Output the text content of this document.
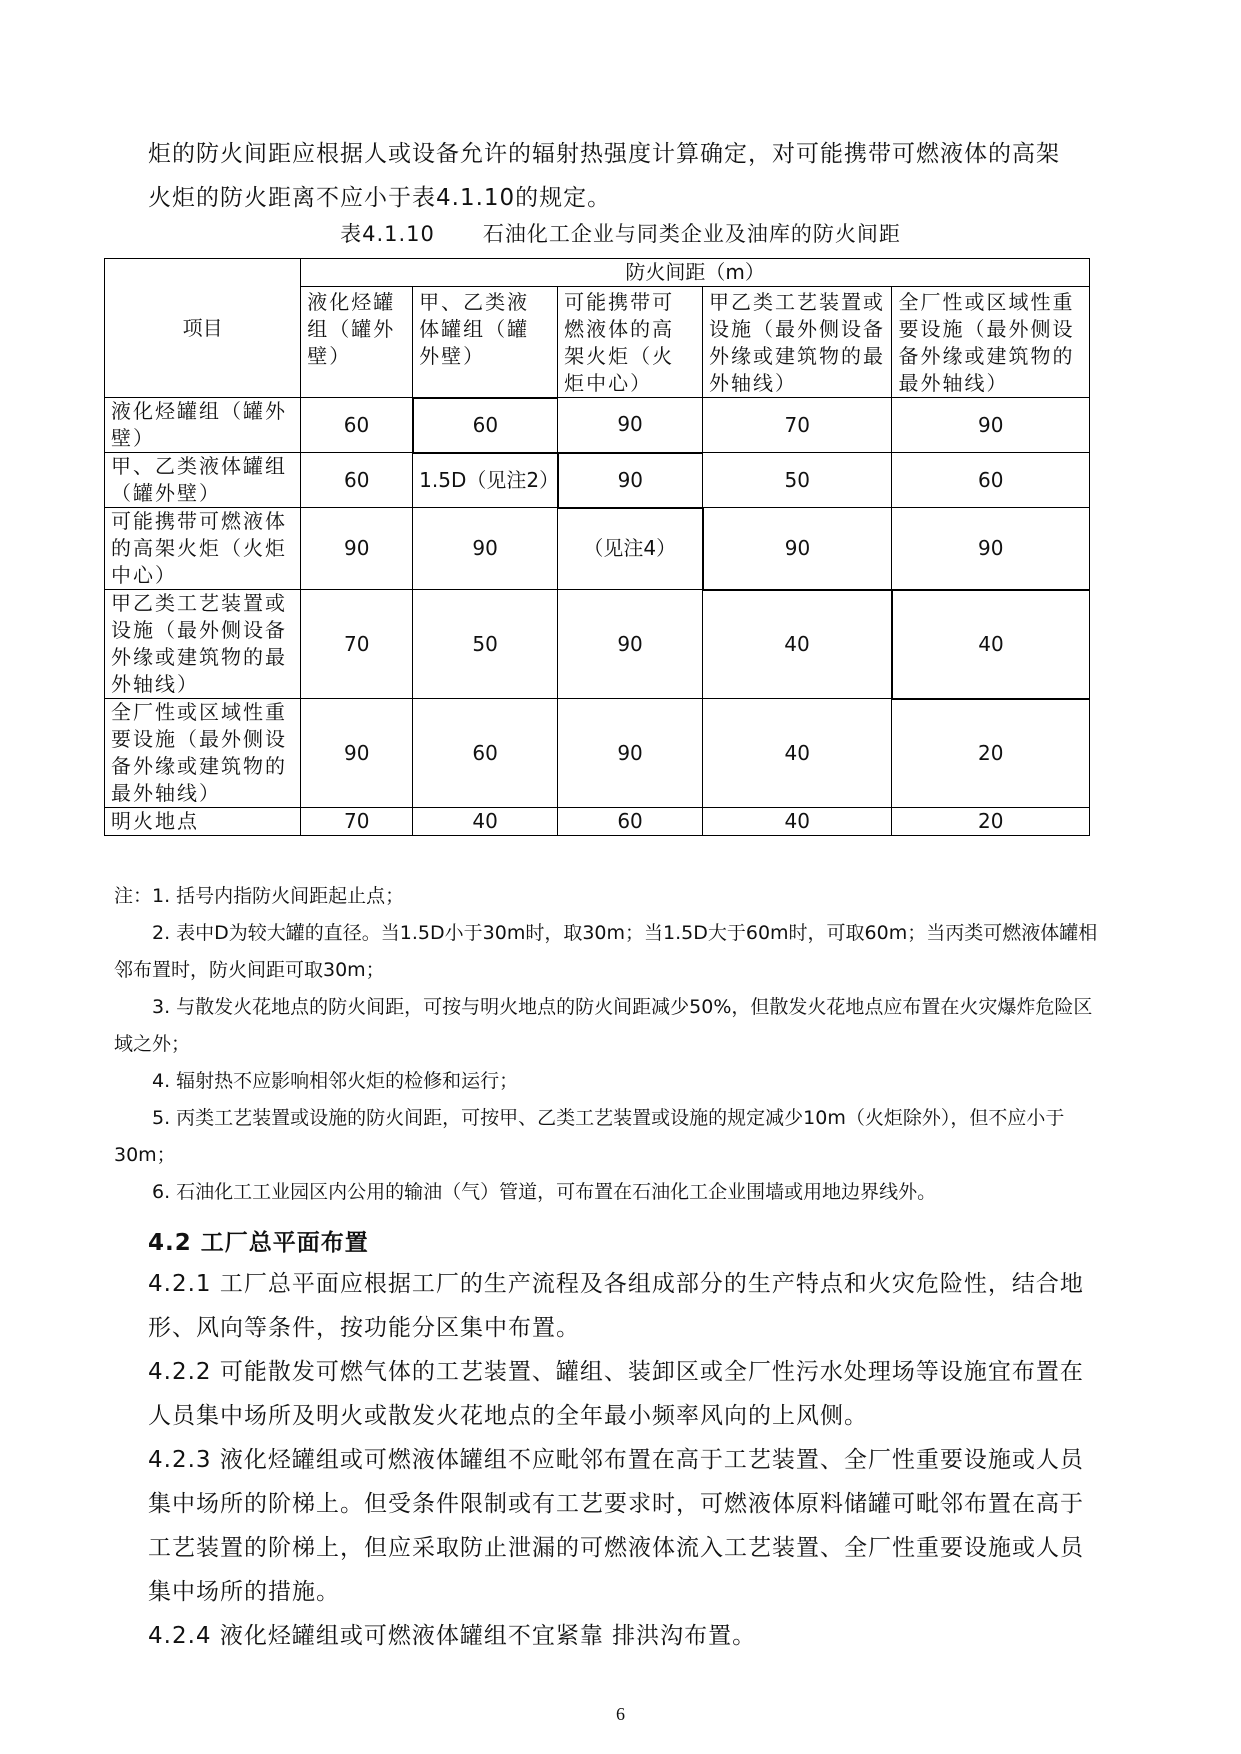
炬的防火间距应根据人或设备允许的辐射热强度计算确定，对可能携带可燃液体的高架

火炬的防火距离不应小于表4.1.10的规定。

表4.1.10 石油化工企业与同类企业及油库的防火间距
项目	防火间距（m）				
	液化烃罐组（罐外壁）	甲、乙类液体罐组（罐外壁）	可能携带可燃液体的高架火炬（火炬中心）	甲乙类工艺装置或设施（最外侧设备外缘或建筑物的最外轴线）	全厂性或区域性重要设施（最外侧设备外缘或建筑物的最外轴线）
液化烃罐组（罐外壁）	60	60	90	70	90
甲、乙类液体罐组（罐外壁）	60	1.5D（见注2）	90	50	60
可能携带可燃液体的高架火炬（火炬中心）	90	90	（见注4）	90	90
甲乙类工艺装置或设施（最外侧设备外缘或建筑物的最外轴线）	70	50	90	40	40
全厂性或区域性重要设施（最外侧设备外缘或建筑物的最外轴线）	90	60	90	40	20
明火地点	70	40	60	40	20

注：1. 括号内指防火间距起止点；

2. 表中D为较大罐的直径。当1.5D小于30m时，取30m；当1.5D大于60m时，可取60m；当丙类可燃液体罐相邻布置时，防火间距可取30m；

3. 与散发火花地点的防火间距，可按与明火地点的防火间距减少50%，但散发火花地点应布置在火灾爆炸危险区域之外；

4. 辐射热不应影响相邻火炬的检修和运行；

5. 丙类工艺装置或设施的防火间距，可按甲、乙类工艺装置或设施的规定减少10m（火炬除外），但不应小于30m；

6. 石油化工工业园区内公用的输油（气）管道，可布置在石油化工企业围墙或用地边界线外。

4.2 工厂总平面布置

4.2.1 工厂总平面应根据工厂的生产流程及各组成部分的生产特点和火灾危险性，结合地形、风向等条件，按功能分区集中布置。

4.2.2 可能散发可燃气体的工艺装置、罐组、装卸区或全厂性污水处理场等设施宜布置在人员集中场所及明火或散发火花地点的全年最小频率风向的上风侧。

4.2.3 液化烃罐组或可燃液体罐组不应毗邻布置在高于工艺装置、全厂性重要设施或人员集中场所的阶梯上。但受条件限制或有工艺要求时，可燃液体原料储罐可毗邻布置在高于工艺装置的阶梯上，但应采取防止泄漏的可燃液体流入工艺装置、全厂性重要设施或人员集中场所的措施。

4.2.4 液化烃罐组或可燃液体罐组不宜紧靠 排洪沟布置。

6
